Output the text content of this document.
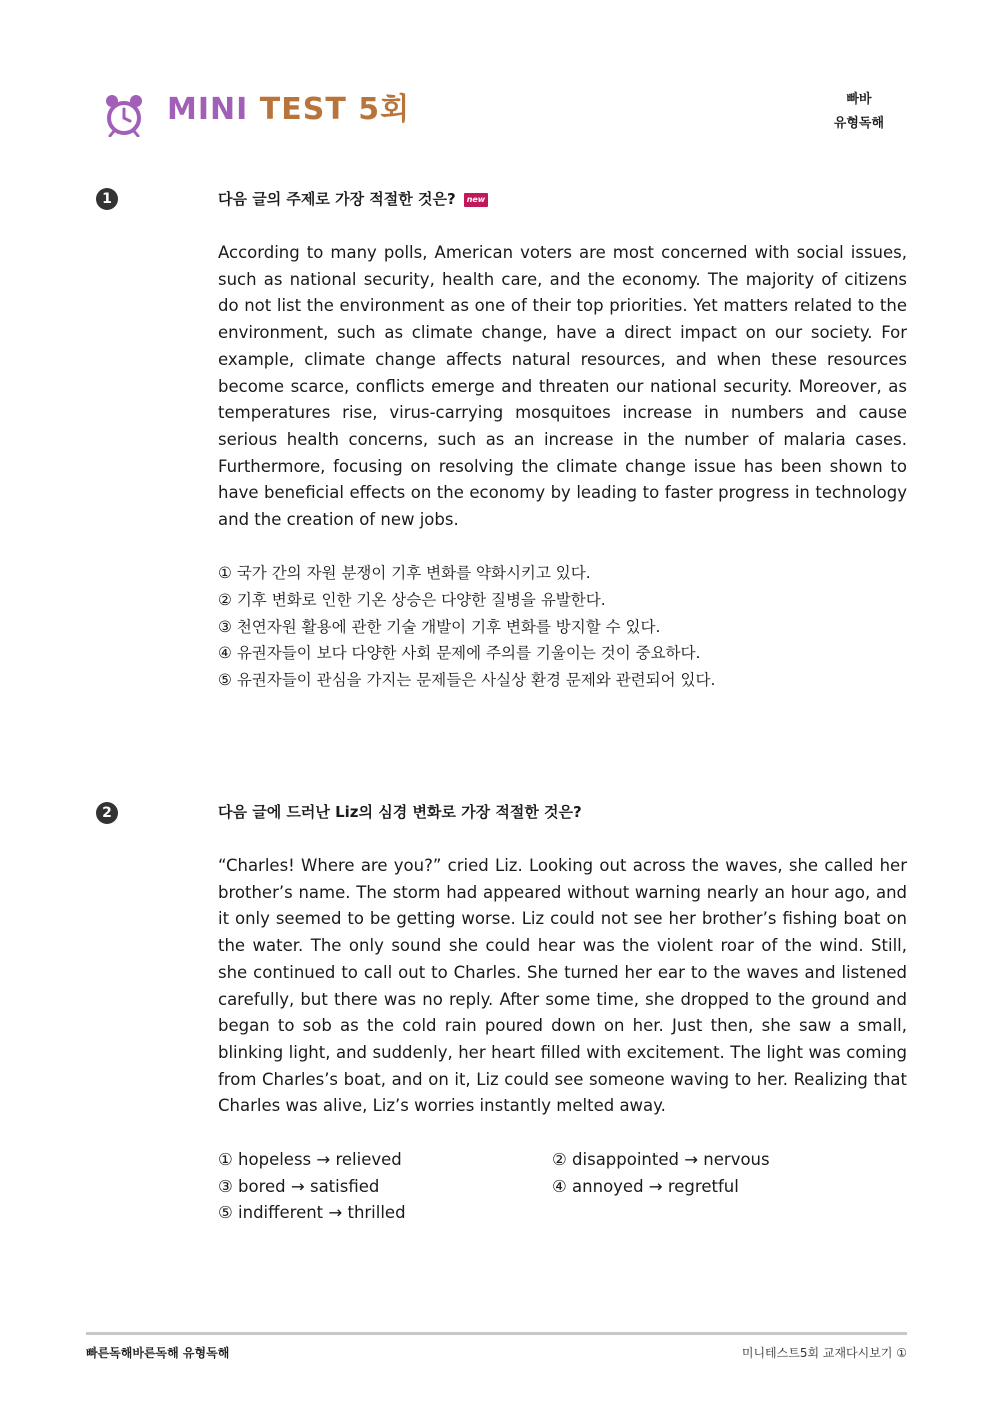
MINI TEST 5회	빠바
유형독해
1	다음 글의 주제로 가장 적절한 것은? new

According to many polls, American voters are most concerned with social issues, such as national security, health care, and the economy. The majority of citizens do not list the environment as one of their top priorities. Yet matters related to the environment, such as climate change, have a direct impact on our society. For example, climate change affects natural resources, and when these resources become scarce, conflicts emerge and threaten our national security. Moreover, as temperatures rise, virus-carrying mosquitoes increase in numbers and cause serious health concerns, such as an increase in the number of malaria cases. Furthermore, focusing on resolving the climate change issue has been shown to have beneficial effects on the economy by leading to faster progress in technology and the creation of new jobs.

① 국가 간의 자원 분쟁이 기후 변화를 약화시키고 있다.
② 기후 변화로 인한 기온 상승은 다양한 질병을 유발한다.
③ 천연자원 활용에 관한 기술 개발이 기후 변화를 방지할 수 있다.
④ 유권자들이 보다 다양한 사회 문제에 주의를 기울이는 것이 중요하다.
⑤ 유권자들이 관심을 가지는 문제들은 사실상 환경 문제와 관련되어 있다.
2	다음 글에 드러난 Liz의 심경 변화로 가장 적절한 것은?

“Charles! Where are you?” cried Liz. Looking out across the waves, she called her brother’s name. The storm had appeared without warning nearly an hour ago, and it only seemed to be getting worse. Liz could not see her brother’s fishing boat on the water. The only sound she could hear was the violent roar of the wind. Still, she continued to call out to Charles. She turned her ear to the waves and listened carefully, but there was no reply. After some time, she dropped to the ground and began to sob as the cold rain poured down on her. Just then, she saw a small, blinking light, and suddenly, her heart filled with excitement. The light was coming from Charles’s boat, and on it, Liz could see someone waving to her. Realizing that Charles was alive, Liz’s worries instantly melted away.

① hopeless → relieved	② disappointed → nervous
③ bored → satisfied	④ annoyed → regretful
⑤ indifferent → thrilled
빠른독해바른독해 유형독해	미니테스트5회 교재다시보기 ①
